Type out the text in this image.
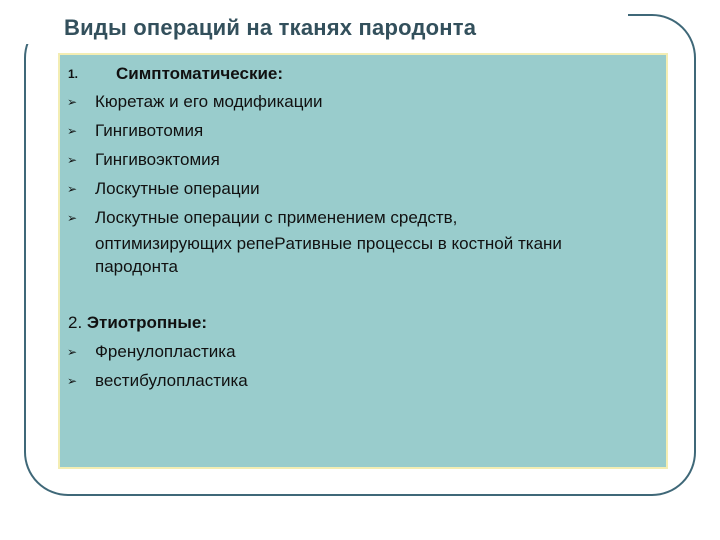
Виды операций на тканях пародонта
1. Симптоматические:
➢ Кюретаж и его модификации
➢ Гингивотомия
➢ Гингивоэктомия
➢ Лоскутные операции
➢ Лоскутные операции с применением средств,
оптимизирующих репеPативные процессы в костной ткани
пародонта
2. Этиотропные:
➢ Френулопластика
➢ вестибулопластика
